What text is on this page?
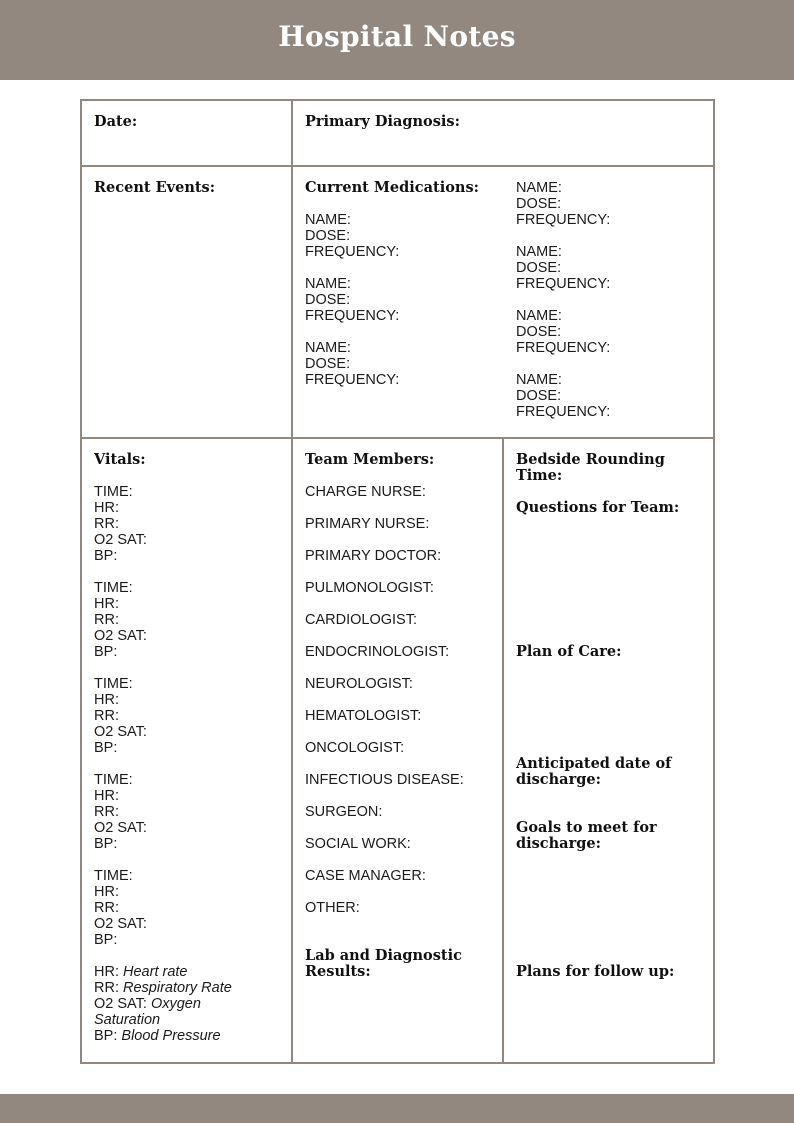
Hospital Notes
Date:	Primary Diagnosis:
Recent Events:	Current Medications:
NAME:
DOSE:
FREQUENCY:
NAME:
DOSE:
FREQUENCY:
NAME:
DOSE:
FREQUENCY:
NAME:
DOSE:
FREQUENCY:
NAME:
DOSE:
FREQUENCY:
NAME:
DOSE:
FREQUENCY:
NAME:
DOSE:
FREQUENCY:
Vitals:
TIME:
HR:
RR:
O2 SAT:
BP:
TIME:
HR:
RR:
O2 SAT:
BP:
TIME:
HR:
RR:
O2 SAT:
BP:
TIME:
HR:
RR:
O2 SAT:
BP:
TIME:
HR:
RR:
O2 SAT:
BP:
HR: Heart rate
RR: Respiratory Rate
O2 SAT: Oxygen
Saturation
BP: Blood Pressure
Team Members:
CHARGE NURSE:
PRIMARY NURSE:
PRIMARY DOCTOR:
PULMONOLOGIST:
CARDIOLOGIST:
ENDOCRINOLOGIST:
NEUROLOGIST:
HEMATOLOGIST:
ONCOLOGIST:
INFECTIOUS DISEASE:
SURGEON:
SOCIAL WORK:
CASE MANAGER:
OTHER:
Lab and Diagnostic
Results:
Bedside Rounding
Time:
Questions for Team:
Plan of Care:
Anticipated date of
discharge:
Goals to meet for
discharge:
Plans for follow up:
